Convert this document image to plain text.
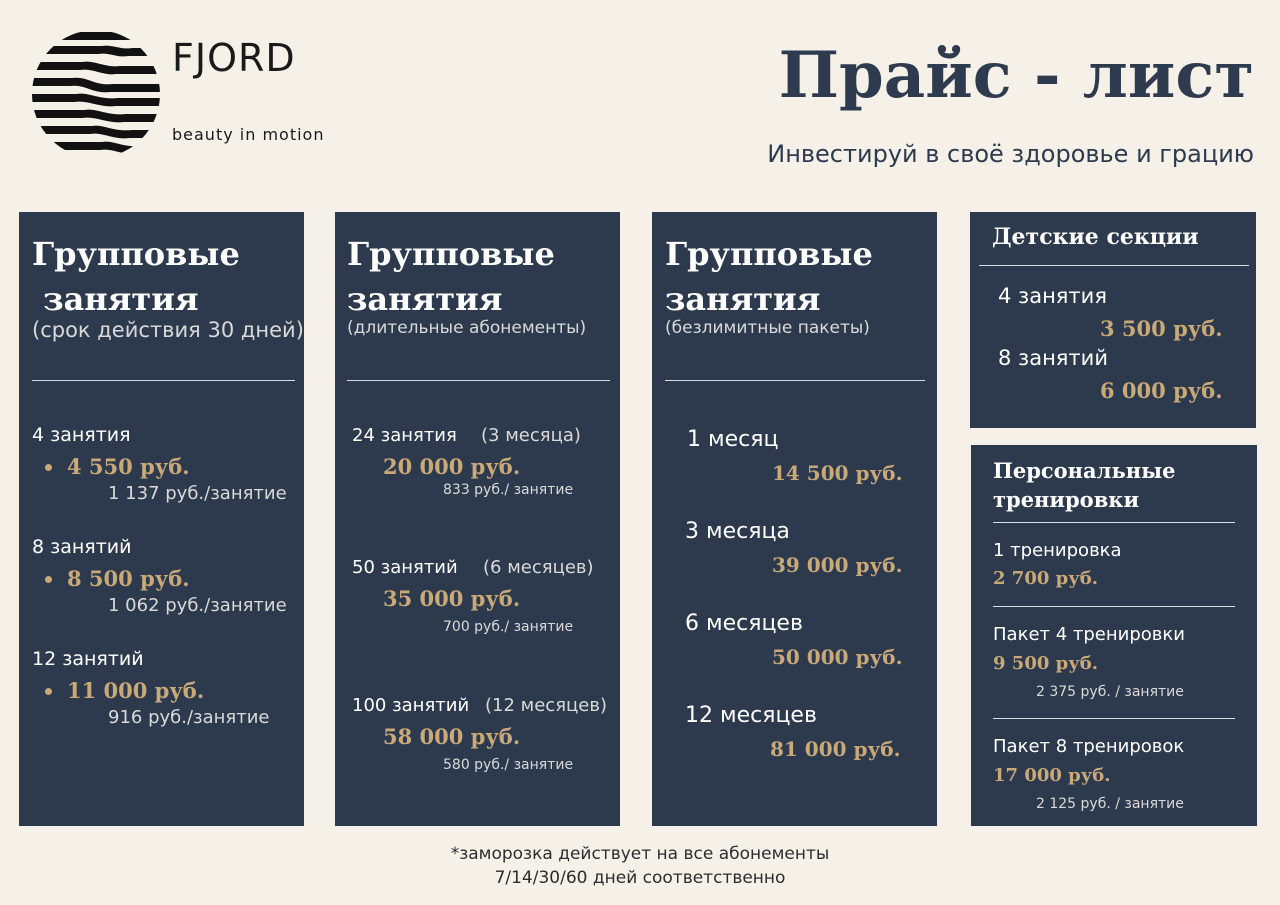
FJORD
beauty in motion
Прайс - лист
Инвестируй в своё здоровье и грацию
Групповые
занятия
(срок действия 30 дней)
4 занятия
4 550 руб.
1 137 руб./занятие
8 занятий
8 500 руб.
1 062 руб./занятие
12 занятий
11 000 руб.
916 руб./занятие
Групповые
занятия
(длительные абонементы)
24 занятия (3 месяца)
20 000 руб.
833 руб./ занятие
50 занятий (6 месяцев)
35 000 руб.
700 руб./ занятие
100 занятий (12 месяцев)
58 000 руб.
580 руб./ занятие
Групповые
занятия
(безлимитные пакеты)
1 месяц
14 500 руб.
3 месяца
39 000 руб.
6 месяцев
50 000 руб.
12 месяцев
81 000 руб.
Детские секции
4 занятия
3 500 руб.
8 занятий
6 000 руб.
Персональные
тренировки
1 тренировка
2 700 руб.
Пакет 4 тренировки
9 500 руб.
2 375 руб. / занятие
Пакет 8 тренировок
17 000 руб.
2 125 руб. / занятие
*заморозка действует на все абонементы
7/14/30/60 дней соответственно
